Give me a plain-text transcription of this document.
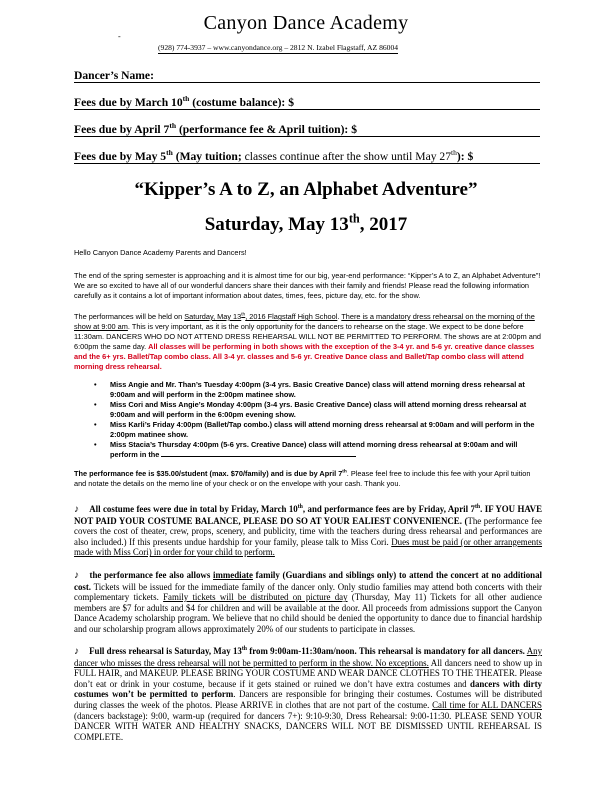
Canyon Dance Academy
-
(928) 774-3937 – www.canyondance.org – 2812 N. Izabel Flagstaff, AZ 86004
Dancer’s Name:
Fees due by March 10th (costume balance): $
Fees due by April 7th (performance fee & April tuition): $
Fees due by May 5th (May tuition; classes continue after the show until May 27th): $
“Kipper’s A to Z, an Alphabet Adventure”
Saturday, May 13th, 2017

Hello Canyon Dance Academy Parents and Dancers!

The end of the spring semester is approaching and it is almost time for our big, year-end performance: “Kipper’s A to Z, an Alphabet Adventure”! We are so excited to have all of our wonderful dancers share their dances with their family and friends! Please read the following information carefully as it contains a lot of important information about dates, times, fees, picture day, etc. for the show.

The performances will be held on Saturday, May 13th, 2016 Flagstaff High School. There is a mandatory dress rehearsal on the morning of the show at 9:00 am. This is very important, as it is the only opportunity for the dancers to rehearse on the stage. We expect to be done before 11:30am. DANCERS WHO DO NOT ATTEND DRESS REHEARSAL WILL NOT BE PERMITTED TO PERFORM. The shows are at 2:00pm and 6:00pm the same day. All classes will be performing in both shows with the exception of the 3-4 yr. and 5-6 yr. creative dance classes and the 6+ yrs. Ballet/Tap combo class. All 3-4 yr. classes and 5-6 yr. Creative Dance class and Ballet/Tap combo class will attend morning dress rehearsal.

• Miss Angie and Mr. Than’s Tuesday 4:00pm (3-4 yrs. Basic Creative Dance) class will attend morning dress rehearsal at 9:00am and will perform in the 2:00pm matinee show.
• Miss Cori and Miss Angie’s Monday 4:00pm (3-4 yrs. Basic Creative Dance) class will attend morning dress rehearsal at 9:00am and will perform in the 6:00pm evening show.
• Miss Karli’s Friday 4:00pm (Ballet/Tap combo.) class will attend morning dress rehearsal at 9:00am and will perform in the 2:00pm matinee show.
• Miss Stacia’s Thursday 4:00pm (5-6 yrs. Creative Dance) class will attend morning dress rehearsal at 9:00am and will perform in the

The performance fee is $35.00/student (max. $70/family) and is due by April 7th. Please feel free to include this fee with your April tuition and notate the details on the memo line of your check or on the envelope with your cash. Thank you.

♪ All costume fees were due in total by Friday, March 10th, and performance fees are by Friday, April 7th. IF YOU HAVE NOT PAID YOUR COSTUME BALANCE, PLEASE DO SO AT YOUR EALIEST CONVENIENCE. (The performance fee covers the cost of theater, crew, props, scenery, and publicity, time with the teachers during dress rehearsal and performances are also included.) If this presents undue hardship for your family, please talk to Miss Cori. Dues must be paid (or other arrangements made with Miss Cori) in order for your child to perform.

♪ the performance fee also allows immediate family (Guardians and siblings only) to attend the concert at no additional cost. Tickets will be issued for the immediate family of the dancer only. Only studio families may attend both concerts with their complementary tickets. Family tickets will be distributed on picture day (Thursday, May 11) Tickets for all other audience members are $7 for adults and $4 for children and will be available at the door. All proceeds from admissions support the Canyon Dance Academy scholarship program. We believe that no child should be denied the opportunity to dance due to financial hardship and our scholarship program allows approximately 20% of our students to participate in classes.

♪ Full dress rehearsal is Saturday, May 13th from 9:00am-11:30am/noon. This rehearsal is mandatory for all dancers. Any dancer who misses the dress rehearsal will not be permitted to perform in the show. No exceptions. All dancers need to show up in FULL HAIR, and MAKEUP. PLEASE BRING YOUR COSTUME AND WEAR DANCE CLOTHES TO THE THEATER. Please don’t eat or drink in your costume, because if it gets stained or ruined we don’t have extra costumes and dancers with dirty costumes won’t be permitted to perform. Dancers are responsible for bringing their costumes. Costumes will be distributed during classes the week of the photos. Please ARRIVE in clothes that are not part of the costume. Call time for ALL DANCERS (dancers backstage): 9:00, warm-up (required for dancers 7+): 9:10-9:30, Dress Rehearsal: 9:00-11:30. PLEASE SEND YOUR DANCER WITH WATER AND HEALTHY SNACKS, DANCERS WILL NOT BE DISMISSED UNTIL REHEARSAL IS COMPLETE.
